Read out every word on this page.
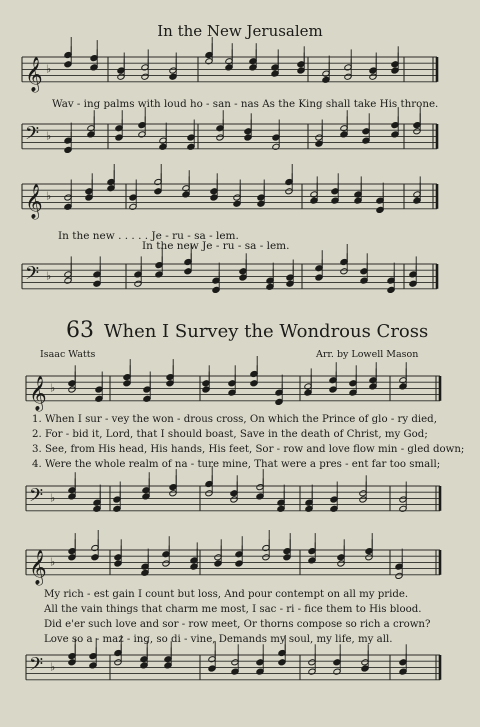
𝄞 ♭
𝄢 ♭
𝄞 ♭
𝄢 ♭
𝄞 ♭
𝄢 ♭
𝄞 ♭
𝄢 ♭
In the New Jerusalem
Wav - ing palms with loud ho - san - nas As the King shall take His throne.
In the new . . . . . Je - ru - sa - lem.
In the new Je - ru - sa - lem.
63 When I Survey the Wondrous Cross
Isaac Watts	Arr. by Lowell Mason
1. When I sur - vey the won - drous cross, On which the Prince of glo - ry died,
2. For - bid it, Lord, that I should boast, Save in the death of Christ, my God;
3. See, from His head, His hands, His feet, Sor - row and love flow min - gled down;
4. Were the whole realm of na - ture mine, That were a pres - ent far too small;
My rich - est gain I count but loss, And pour contempt on all my pride.
All the vain things that charm me most, I sac - ri - fice them to His blood.
Did e'er such love and sor - row meet, Or thorns compose so rich a crown?
Love so a - maz - ing, so di - vine, Demands my soul, my life, my all.
